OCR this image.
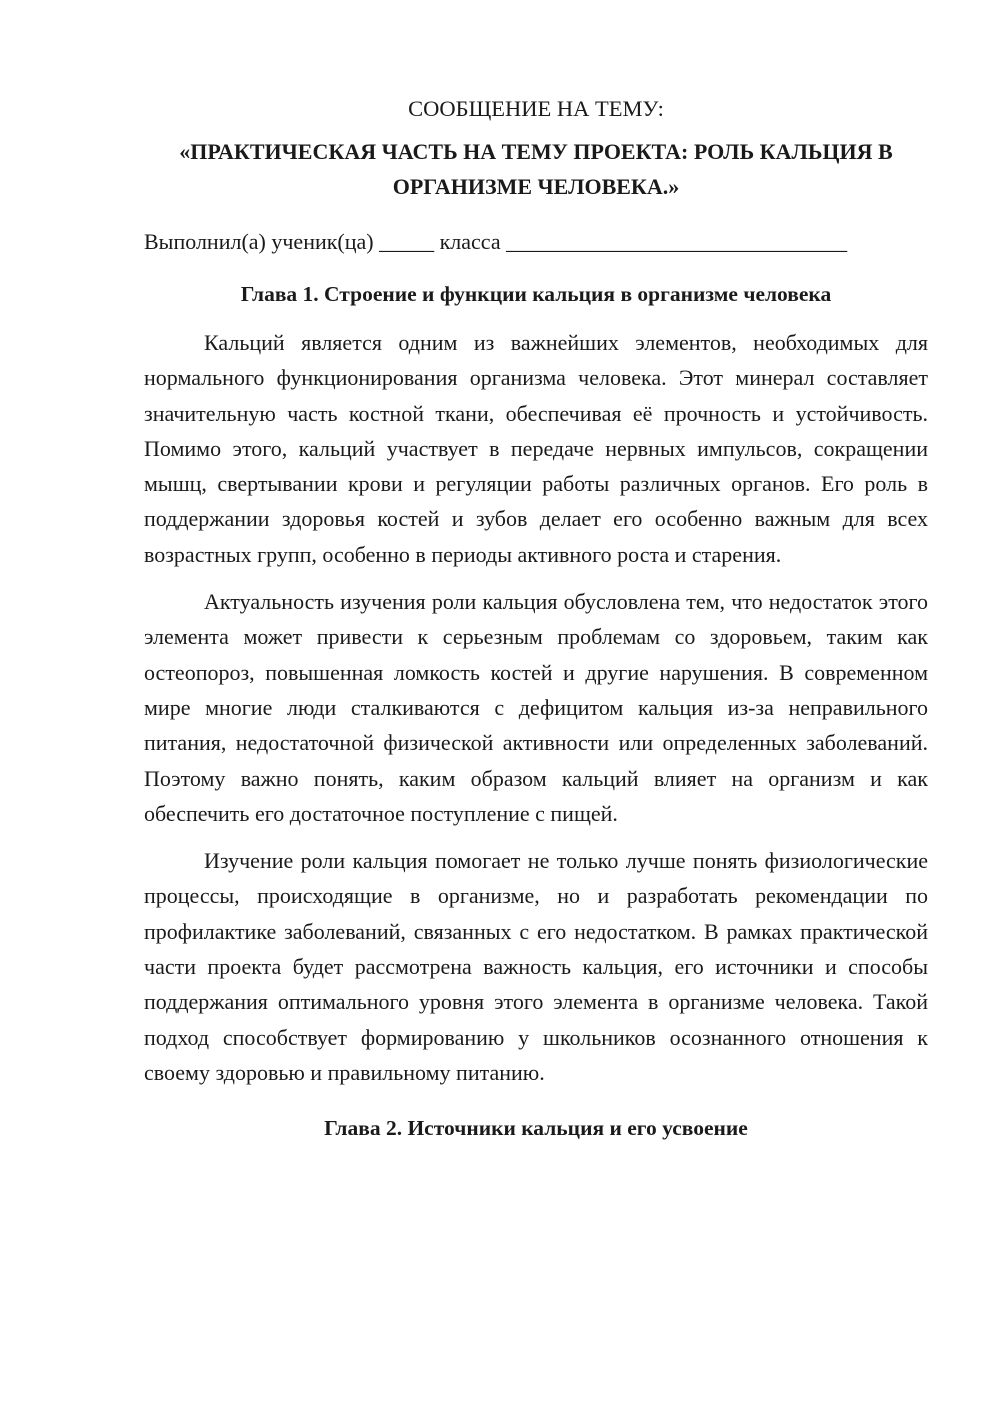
СООБЩЕНИЕ НА ТЕМУ:

«ПРАКТИЧЕСКАЯ ЧАСТЬ НА ТЕМУ ПРОЕКТА: РОЛЬ КАЛЬЦИЯ В ОРГАНИЗМЕ ЧЕЛОВЕКА.»

Выполнил(а) ученик(ца) _____ класса _______________________________

Глава 1. Строение и функции кальция в организме человека

Кальций является одним из важнейших элементов, необходимых для нормального функционирования организма человека. Этот минерал составляет значительную часть костной ткани, обеспечивая её прочность и устойчивость. Помимо этого, кальций участвует в передаче нервных импульсов, сокращении мышц, свертывании крови и регуляции работы различных органов. Его роль в поддержании здоровья костей и зубов делает его особенно важным для всех возрастных групп, особенно в периоды активного роста и старения.

Актуальность изучения роли кальция обусловлена тем, что недостаток этого элемента может привести к серьезным проблемам со здоровьем, таким как остеопороз, повышенная ломкость костей и другие нарушения. В современном мире многие люди сталкиваются с дефицитом кальция из-за неправильного питания, недостаточной физической активности или определенных заболеваний. Поэтому важно понять, каким образом кальций влияет на организм и как обеспечить его достаточное поступление с пищей.

Изучение роли кальция помогает не только лучше понять физиологические процессы, происходящие в организме, но и разработать рекомендации по профилактике заболеваний, связанных с его недостатком. В рамках практической части проекта будет рассмотрена важность кальция, его источники и способы поддержания оптимального уровня этого элемента в организме человека. Такой подход способствует формированию у школьников осознанного отношения к своему здоровью и правильному питанию.

Глава 2. Источники кальция и его усвоение
